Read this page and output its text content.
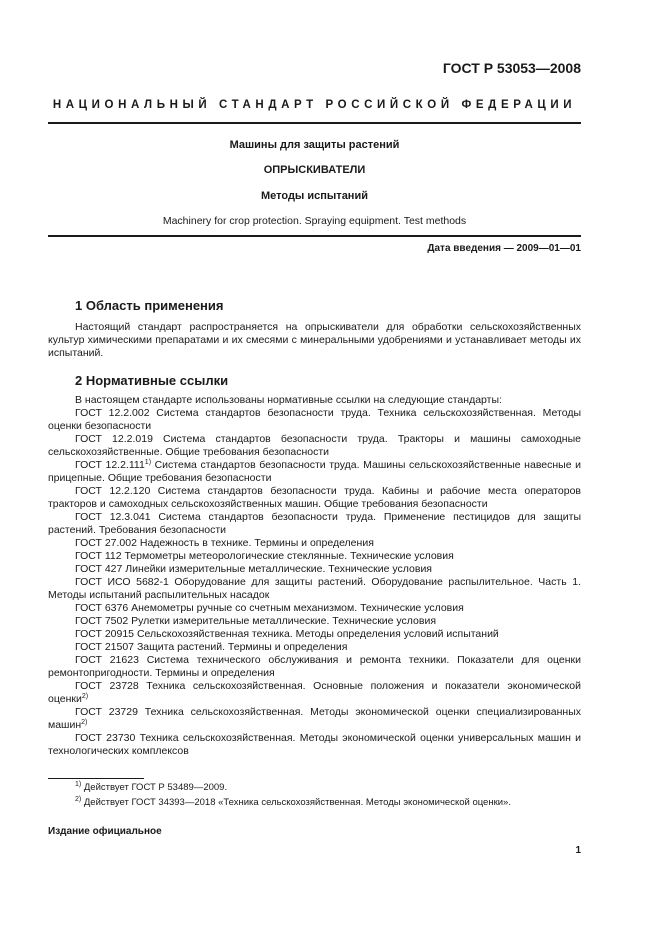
ГОСТ Р 53053—2008
НАЦИОНАЛЬНЫЙ СТАНДАРТ РОССИЙСКОЙ ФЕДЕРАЦИИ
Машины для защиты растений
ОПРЫСКИВАТЕЛИ
Методы испытаний
Machinery for crop protection. Spraying equipment. Test methods
Дата введения — 2009—01—01
1 Область применения

Настоящий стандарт распространяется на опрыскиватели для обработки сельскохозяйственных культур химическими препаратами и их смесями с минеральными удобрениями и устанавливает методы их испытаний.

2 Нормативные ссылки

В настоящем стандарте использованы нормативные ссылки на следующие стандарты:

ГОСТ 12.2.002 Система стандартов безопасности труда. Техника сельскохозяйственная. Методы оценки безопасности

ГОСТ 12.2.019 Система стандартов безопасности труда. Тракторы и машины самоходные сельскохозяйственные. Общие требования безопасности

ГОСТ 12.2.111$^{1)}$ Система стандартов безопасности труда. Машины сельскохозяйственные навесные и прицепные. Общие требования безопасности

ГОСТ 12.2.120 Система стандартов безопасности труда. Кабины и рабочие места операторов тракторов и самоходных сельскохозяйственных машин. Общие требования безопасности

ГОСТ 12.3.041 Система стандартов безопасности труда. Применение пестицидов для защиты растений. Требования безопасности

ГОСТ 27.002 Надежность в технике. Термины и определения

ГОСТ 112 Термометры метеорологические стеклянные. Технические условия

ГОСТ 427 Линейки измерительные металлические. Технические условия

ГОСТ ИСО 5682-1 Оборудование для защиты растений. Оборудование распылительное. Часть 1. Методы испытаний распылительных насадок

ГОСТ 6376 Анемометры ручные со счетным механизмом. Технические условия

ГОСТ 7502 Рулетки измерительные металлические. Технические условия

ГОСТ 20915 Сельскохозяйственная техника. Методы определения условий испытаний

ГОСТ 21507 Защита растений. Термины и определения

ГОСТ 21623 Система технического обслуживания и ремонта техники. Показатели для оценки ремонтопригодности. Термины и определения

ГОСТ 23728 Техника сельскохозяйственная. Основные положения и показатели экономической оценки$^{2)}$

ГОСТ 23729 Техника сельскохозяйственная. Методы экономической оценки специализированных машин$^{2)}$

ГОСТ 23730 Техника сельскохозяйственная. Методы экономической оценки универсальных машин и технологических комплексов

$^{1)}$ Действует ГОСТ Р 53489—2009.
$^{2)}$ Действует ГОСТ 34393—2018 «Техника сельскохозяйственная. Методы экономической оценки».
Издание официальное
1
